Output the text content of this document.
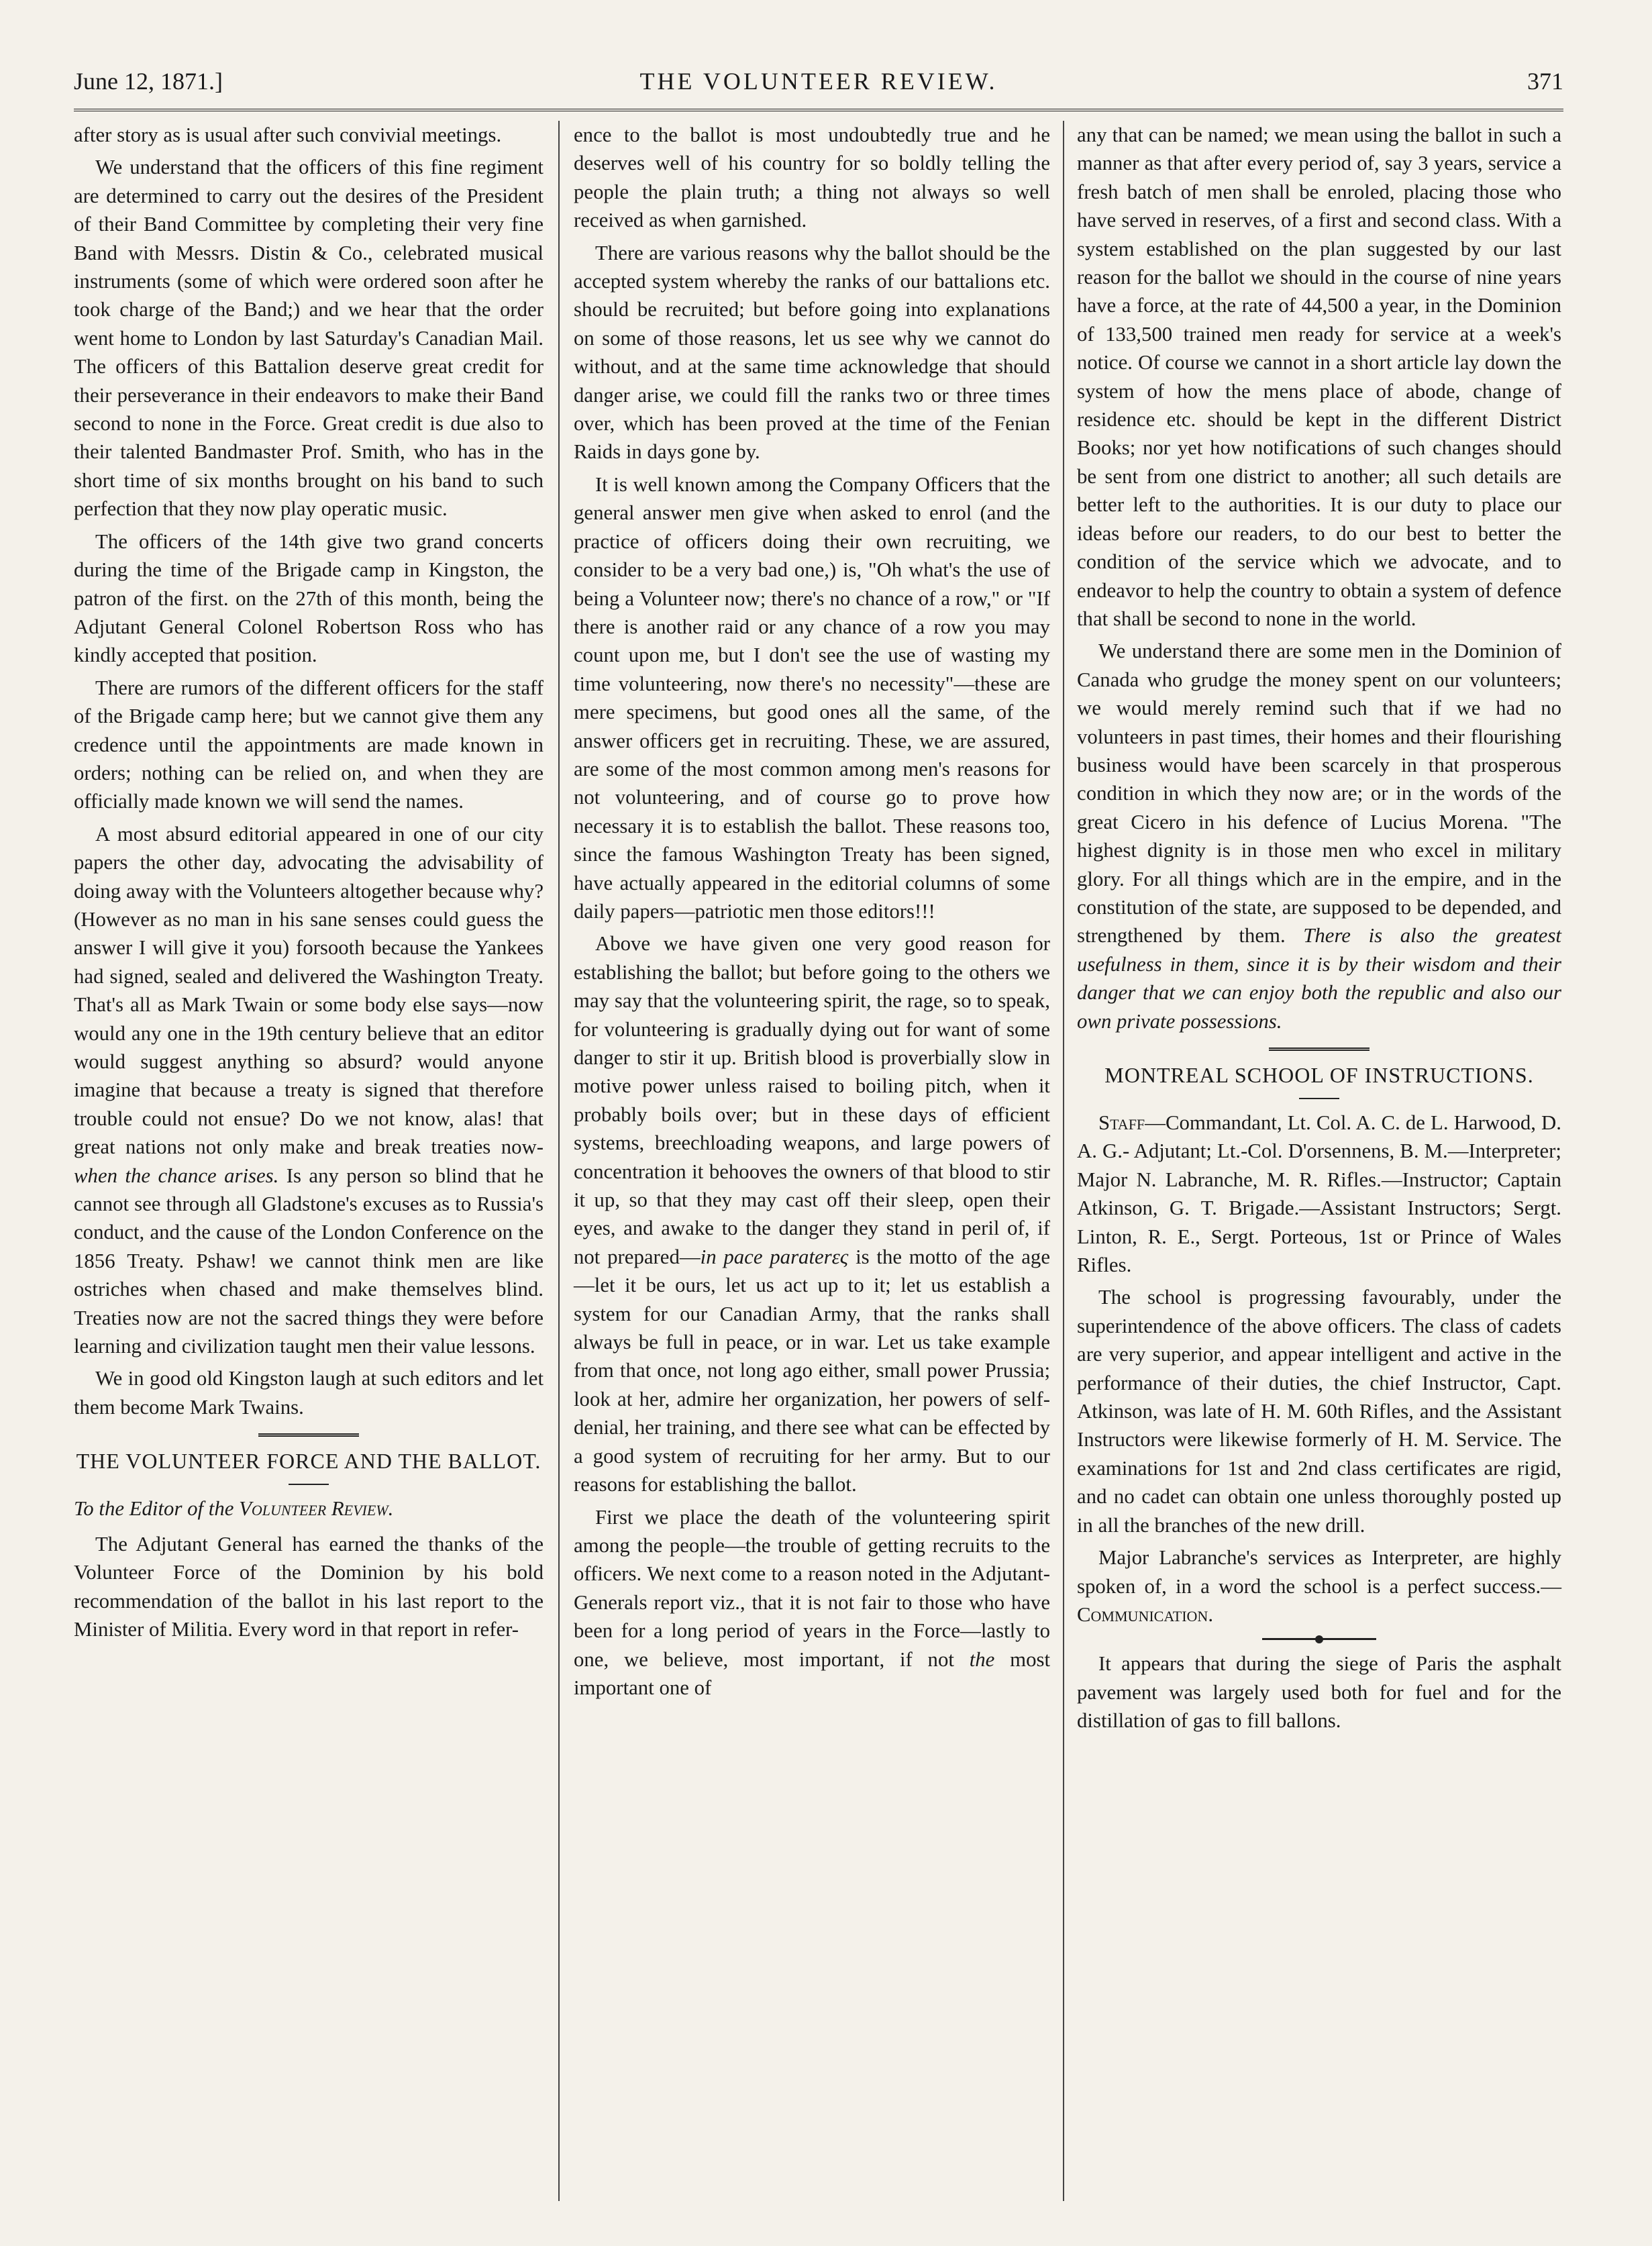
June 12, 1871.]	THE VOLUNTEER REVIEW.	371

after story as is usual after such convivial meetings.

We understand that the officers of this fine regiment are determined to carry out the desires of the President of their Band Committee by completing their very fine Band with Messrs. Distin & Co., celebrated musical instruments (some of which were ordered soon after he took charge of the Band;) and we hear that the order went home to London by last Saturday's Canadian Mail. The officers of this Battalion deserve great credit for their perseverance in their endeavors to make their Band second to none in the Force. Great credit is due also to their talented Bandmaster Prof. Smith, who has in the short time of six months brought on his band to such perfection that they now play operatic music.

The officers of the 14th give two grand concerts during the time of the Brigade camp in Kingston, the patron of the first. on the 27th of this month, being the Adjutant General Colonel Robertson Ross who has kindly accepted that position.

There are rumors of the different officers for the staff of the Brigade camp here; but we cannot give them any credence until the appointments are made known in orders; nothing can be relied on, and when they are officially made known we will send the names.

A most absurd editorial appeared in one of our city papers the other day, advocating the advisability of doing away with the Volunteers altogether because why? (However as no man in his sane senses could guess the answer I will give it you) forsooth because the Yankees had signed, sealed and delivered the Washington Treaty. That's all as Mark Twain or some body else says—now would any one in the 19th century believe that an editor would suggest anything so absurd? would anyone imagine that because a treaty is signed that therefore trouble could not ensue? Do we not know, alas! that great nations not only make and break treaties now-when the chance arises. Is any person so blind that he cannot see through all Gladstone's excuses as to Russia's conduct, and the cause of the London Conference on the 1856 Treaty. Pshaw! we cannot think men are like ostriches when chased and make themselves blind. Treaties now are not the sacred things they were before learning and civilization taught men their value lessons.

We in good old Kingston laugh at such editors and let them become Mark Twains.

THE VOLUNTEER FORCE AND THE BALLOT.

To the Editor of the Volunteer Review.

The Adjutant General has earned the thanks of the Volunteer Force of the Dominion by his bold recommendation of the ballot in his last report to the Minister of Militia. Every word in that report in refer-

ence to the ballot is most undoubtedly true and he deserves well of his country for so boldly telling the people the plain truth; a thing not always so well received as when garnished.

There are various reasons why the ballot should be the accepted system whereby the ranks of our battalions etc. should be recruited; but before going into explanations on some of those reasons, let us see why we cannot do without, and at the same time acknowledge that should danger arise, we could fill the ranks two or three times over, which has been proved at the time of the Fenian Raids in days gone by.

It is well known among the Company Officers that the general answer men give when asked to enrol (and the practice of officers doing their own recruiting, we consider to be a very bad one,) is, "Oh what's the use of being a Volunteer now; there's no chance of a row," or "If there is another raid or any chance of a row you may count upon me, but I don't see the use of wasting my time volunteering, now there's no necessity"—these are mere specimens, but good ones all the same, of the answer officers get in recruiting. These, we are assured, are some of the most common among men's reasons for not volunteering, and of course go to prove how necessary it is to establish the ballot. These reasons too, since the famous Washington Treaty has been signed, have actually appeared in the editorial columns of some daily papers—patriotic men those editors!!!

Above we have given one very good reason for establishing the ballot; but before going to the others we may say that the volunteering spirit, the rage, so to speak, for volunteering is gradually dying out for want of some danger to stir it up. British blood is proverbially slow in motive power unless raised to boiling pitch, when it probably boils over; but in these days of efficient systems, breechloading weapons, and large powers of concentration it behooves the owners of that blood to stir it up, so that they may cast off their sleep, open their eyes, and awake to the danger they stand in peril of, if not prepared—in pace paraterες is the motto of the age—let it be ours, let us act up to it; let us establish a system for our Canadian Army, that the ranks shall always be full in peace, or in war. Let us take example from that once, not long ago either, small power Prussia; look at her, admire her organization, her powers of self-denial, her training, and there see what can be effected by a good system of recruiting for her army. But to our reasons for establishing the ballot.

First we place the death of the volunteering spirit among the people—the trouble of getting recruits to the officers. We next come to a reason noted in the Adjutant-Generals report viz., that it is not fair to those who have been for a long period of years in the Force—lastly to one, we believe, most important, if not the most important one of

any that can be named; we mean using the ballot in such a manner as that after every period of, say 3 years, service a fresh batch of men shall be enroled, placing those who have served in reserves, of a first and second class. With a system established on the plan suggested by our last reason for the ballot we should in the course of nine years have a force, at the rate of 44,500 a year, in the Dominion of 133,500 trained men ready for service at a week's notice. Of course we cannot in a short article lay down the system of how the mens place of abode, change of residence etc. should be kept in the different District Books; nor yet how notifications of such changes should be sent from one district to another; all such details are better left to the authorities. It is our duty to place our ideas before our readers, to do our best to better the condition of the service which we advocate, and to endeavor to help the country to obtain a system of defence that shall be second to none in the world.

We understand there are some men in the Dominion of Canada who grudge the money spent on our volunteers; we would merely remind such that if we had no volunteers in past times, their homes and their flourishing business would have been scarcely in that prosperous condition in which they now are; or in the words of the great Cicero in his defence of Lucius Morena. "The highest dignity is in those men who excel in military glory. For all things which are in the empire, and in the constitution of the state, are supposed to be depended, and strengthened by them. There is also the greatest usefulness in them, since it is by their wisdom and their danger that we can enjoy both the republic and also our own private possessions.

MONTREAL SCHOOL OF INSTRUCTIONS.

Staff—Commandant, Lt. Col. A. C. de L. Harwood, D. A. G.- Adjutant; Lt.-Col. D'orsennens, B. M.—Interpreter; Major N. Labranche, M. R. Rifles.—Instructor; Captain Atkinson, G. T. Brigade.—Assistant Instructors; Sergt. Linton, R. E., Sergt. Porteous, 1st or Prince of Wales Rifles.

The school is progressing favourably, under the superintendence of the above officers. The class of cadets are very superior, and appear intelligent and active in the performance of their duties, the chief Instructor, Capt. Atkinson, was late of H. M. 60th Rifles, and the Assistant Instructors were likewise formerly of H. M. Service. The examinations for 1st and 2nd class certificates are rigid, and no cadet can obtain one unless thoroughly posted up in all the branches of the new drill.

Major Labranche's services as Interpreter, are highly spoken of, in a word the school is a perfect success.—Communication.

It appears that during the siege of Paris the asphalt pavement was largely used both for fuel and for the distillation of gas to fill ballons.
